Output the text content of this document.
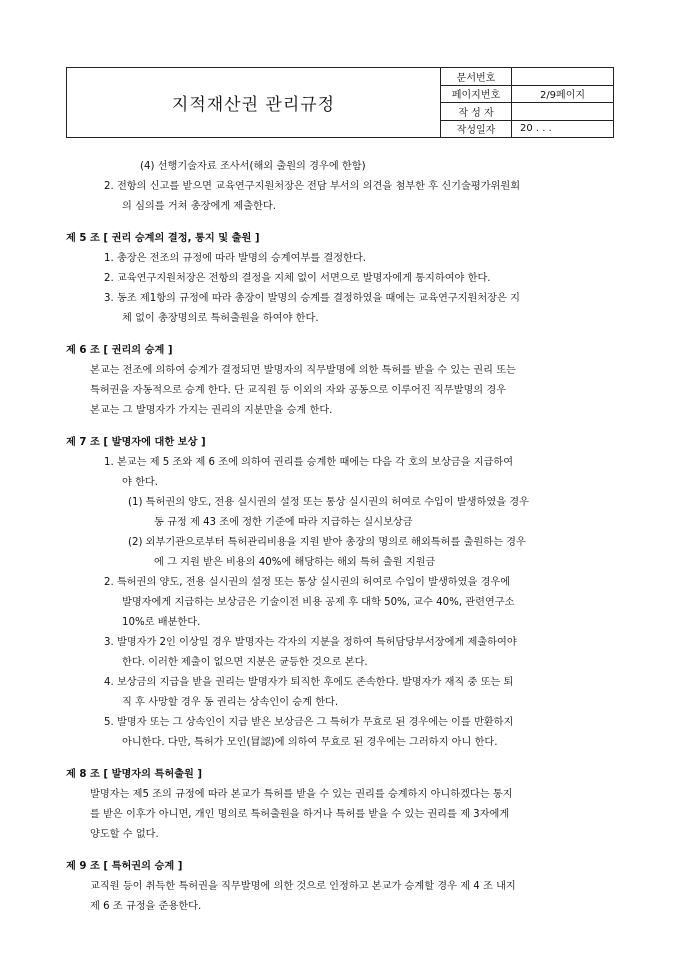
지적재산권 관리규정
문서번호
페이지번호	2/9페이지
작 성 자
작성일자	20 . . .
(4) 선행기술자료 조사서(해외 출원의 경우에 한함)
2. 전항의 신고를 받으면 교육연구지원처장은 전담 부서의 의견을 첨부한 후 신기술평가위원회
의 심의를 거쳐 총장에게 제출한다.
제 5 조 [ 권리 승계의 결정, 통지 및 출원 ]
1. 총장은 전조의 규정에 따라 발명의 승계여부를 결정한다.
2. 교육연구지원처장은 전항의 결정을 지체 없이 서면으로 발명자에게 통지하여야 한다.
3. 동조 제1항의 규정에 따라 총장이 발명의 승계를 결정하였을 때에는 교육연구지원처장은 지
체 없이 총장명의로 특허출원을 하여야 한다.
제 6 조 [ 권리의 승계 ]
본교는 전조에 의하여 승계가 결정되면 발명자의 직무발명에 의한 특허를 받을 수 있는 권리 또는
특허권을 자동적으로 승계 한다. 단 교직원 등 이외의 자와 공동으로 이루어진 직무발명의 경우
본교는 그 발명자가 가지는 권리의 지분만을 승계 한다.
제 7 조 [ 발명자에 대한 보상 ]
1. 본교는 제 5 조와 제 6 조에 의하여 권리를 승계한 때에는 다음 각 호의 보상금을 지급하여
야 한다.
(1) 특허권의 양도, 전용 실시권의 설정 또는 통상 실시권의 허여로 수입이 발생하였을 경우
동 규정 제 43 조에 정한 기준에 따라 지급하는 실시보상금
(2) 외부기관으로부터 특허관리비용을 지원 받아 총장의 명의로 해외특허를 출원하는 경우
에 그 지원 받은 비용의 40%에 해당하는 해외 특허 출원 지원금
2. 특허권의 양도, 전용 실시권의 설정 또는 통상 실시권의 허여로 수입이 발생하였을 경우에
발명자에게 지급하는 보상금은 기술이전 비용 공제 후 대학 50%, 교수 40%, 관련연구소
10%로 배분한다.
3. 발명자가 2인 이상일 경우 발명자는 각자의 지분을 정하여 특허담당부서장에게 제출하여야
한다. 이러한 제출이 없으면 지분은 균등한 것으로 본다.
4. 보상금의 지급을 받을 권리는 발명자가 퇴직한 후에도 존속한다. 발명자가 재직 중 또는 퇴
직 후 사망할 경우 동 권리는 상속인이 승계 한다.
5. 발명자 또는 그 상속인이 지급 받은 보상금은 그 특허가 무효로 된 경우에는 이를 반환하지
아니한다. 다만, 특허가 모인(冒認)에 의하여 무효로 된 경우에는 그러하지 아니 한다.
제 8 조 [ 발명자의 특허출원 ]
발명자는 제5 조의 규정에 따라 본교가 특허를 받을 수 있는 권리를 승계하지 아니하겠다는 통지
를 받은 이후가 아니면, 개인 명의로 특허출원을 하거나 특허를 받을 수 있는 권리를 제 3자에게
양도할 수 없다.
제 9 조 [ 특허권의 승계 ]
교직원 등이 취득한 특허권을 직무발명에 의한 것으로 인정하고 본교가 승계할 경우 제 4 조 내지
제 6 조 규정을 준용한다.
